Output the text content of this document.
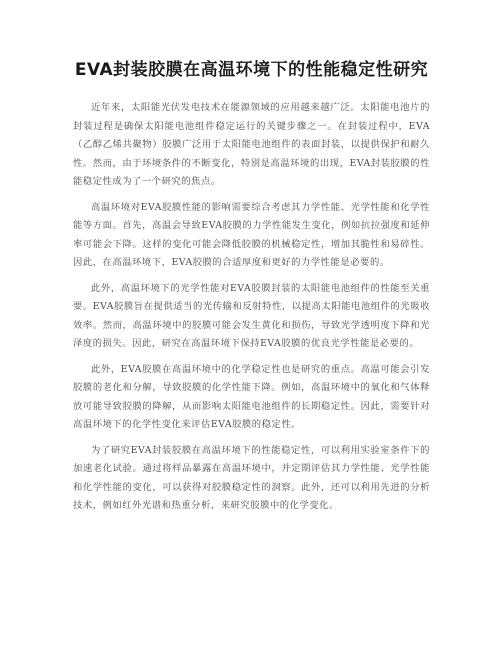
EVA封装胶膜在高温环境下的性能稳定性研究

近年来，太阳能光伏发电技术在能源领域的应用越来越广泛。太阳能电池片的封装过程是确保太阳能电池组件稳定运行的关键步骤之一。在封装过程中，EVA（乙醇乙烯共聚物）胶膜广泛用于太阳能电池组件的表面封装，以提供保护和耐久性。然而，由于环境条件的不断变化，特别是高温环境的出现，EVA封装胶膜的性能稳定性成为了一个研究的焦点。

高温环境对EVA胶膜性能的影响需要综合考虑其力学性能、光学性能和化学性能等方面。首先，高温会导致EVA胶膜的力学性能发生变化，例如抗拉强度和延伸率可能会下降。这样的变化可能会降低胶膜的机械稳定性，增加其脆性和易碎性。因此，在高温环境下，EVA胶膜的合适厚度和更好的力学性能是必要的。

此外，高温环境下的光学性能对EVA胶膜封装的太阳能电池组件的性能至关重要。EVA胶膜旨在提供适当的光传输和反射特性，以提高太阳能电池组件的光吸收效率。然而，高温环境中的胶膜可能会发生黄化和损伤，导致光学透明度下降和光泽度的损失。因此，研究在高温环境下保持EVA胶膜的优良光学性能是必要的。

此外，EVA胶膜在高温环境中的化学稳定性也是研究的重点。高温可能会引发胶膜的老化和分解，导致胶膜的化学性能下降。例如，高温环境中的氧化和气体释放可能导致胶膜的降解，从而影响太阳能电池组件的长期稳定性。因此，需要针对高温环境下的化学性变化来评估EVA胶膜的稳定性。

为了研究EVA封装胶膜在高温环境下的性能稳定性，可以利用实验室条件下的加速老化试验。通过将样品暴露在高温环境中，并定期评估其力学性能、光学性能和化学性能的变化，可以获得对胶膜稳定性的洞察。此外，还可以利用先进的分析技术，例如红外光谱和热重分析，来研究胶膜中的化学变化。
